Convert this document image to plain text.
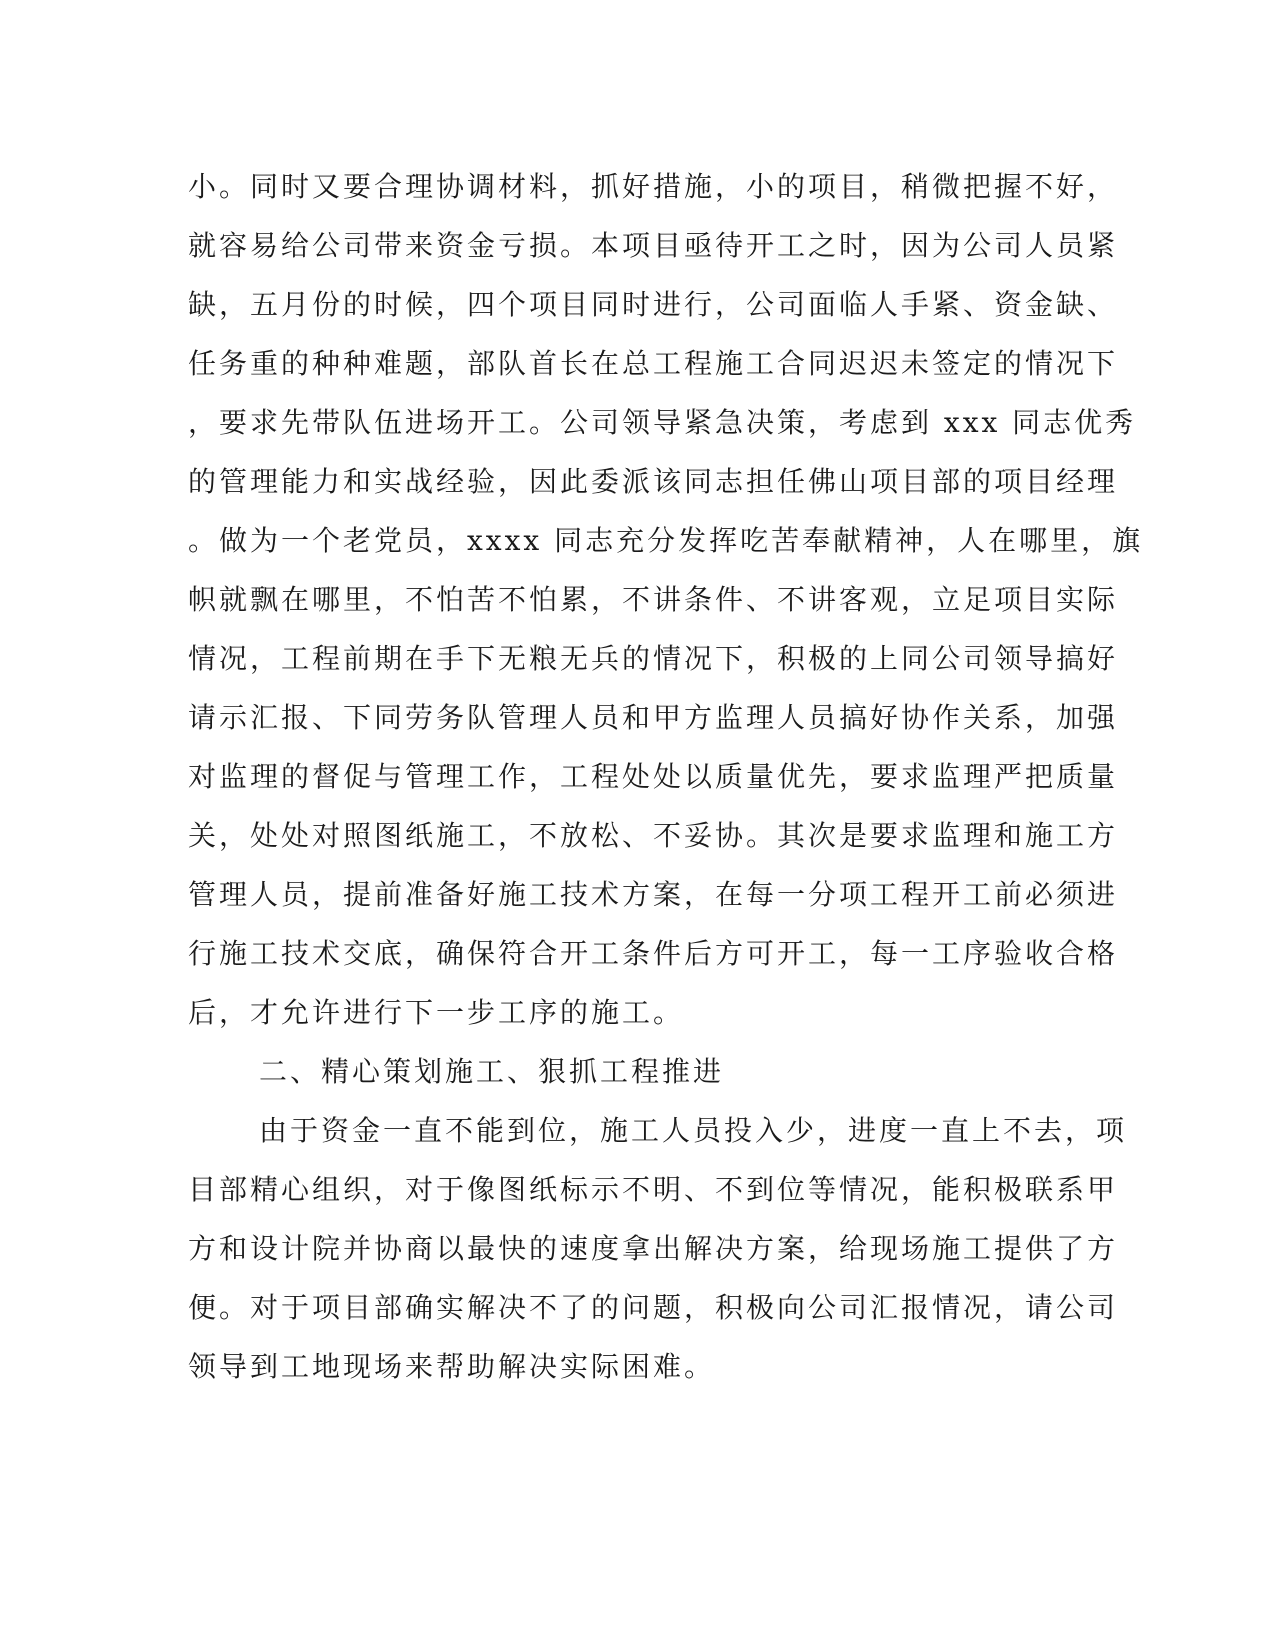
小。同时又要合理协调材料，抓好措施，小的项目，稍微把握不好，
就容易给公司带来资金亏损。本项目亟待开工之时，因为公司人员紧
缺，五月份的时候，四个项目同时进行，公司面临人手紧、资金缺、
任务重的种种难题，部队首长在总工程施工合同迟迟未签定的情况下
，要求先带队伍进场开工。公司领导紧急决策，考虑到 xxx 同志优秀
的管理能力和实战经验，因此委派该同志担任佛山项目部的项目经理
。做为一个老党员，xxxx 同志充分发挥吃苦奉献精神，人在哪里，旗
帜就飘在哪里，不怕苦不怕累，不讲条件、不讲客观，立足项目实际
情况，工程前期在手下无粮无兵的情况下，积极的上同公司领导搞好
请示汇报、下同劳务队管理人员和甲方监理人员搞好协作关系，加强
对监理的督促与管理工作，工程处处以质量优先，要求监理严把质量
关，处处对照图纸施工，不放松、不妥协。其次是要求监理和施工方
管理人员，提前准备好施工技术方案，在每一分项工程开工前必须进
行施工技术交底，确保符合开工条件后方可开工，每一工序验收合格
后，才允许进行下一步工序的施工。
二、精心策划施工、狠抓工程推进
由于资金一直不能到位，施工人员投入少，进度一直上不去，项
目部精心组织，对于像图纸标示不明、不到位等情况，能积极联系甲
方和设计院并协商以最快的速度拿出解决方案，给现场施工提供了方
便。对于项目部确实解决不了的问题，积极向公司汇报情况，请公司
领导到工地现场来帮助解决实际困难。
